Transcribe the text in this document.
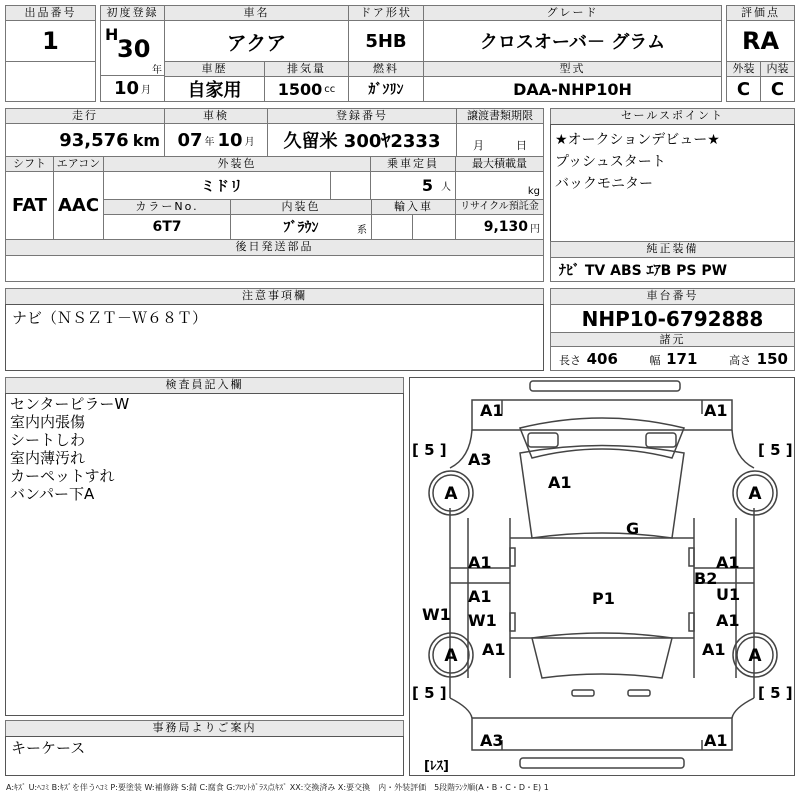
出品番号
1
初度登録
H
30
年
10 月
車名
アクア
ドア形状
5HB
グレード
クロスオーバ－ グラム
評価点
RA
車歴
自家用
排気量
1500 cc
燃料
ｶﾞｿﾘﾝ
型式
DAA-NHP10H
外装
C
内装
C
走行
93,576 km
車検
07 年 10 月
登録番号
久留米 300ﾔ2333
譲渡書類期限
月	日
シフト
FAT
エアコン
AAC
外装色
ミドリ
乗車定員
5 人
最大積載量
kg
カラーNo.
6T7
内装色
ﾌﾞﾗｳﾝ	系
輸入車	リサイクル預託金
9,130 円
後日発送部品
セールスポイント
★オークションデビュー★
プッシュスタート
バックモニター
純正装備
ﾅﾋﾞ TV ABS ｴｱB PS PW
注意事項欄
ナビ（ＮＳＺＴ－Ｗ６８Ｔ）
車台番号
NHP10-6792888
諸元
長さ 406	幅 171	高さ 150
検査員記入欄
センターピラーW
室内内張傷
シートしわ
室内薄汚れ
カーペットすれ
バンパー下A
事務局よりご案内
キーケース
A1	A1
A3
A1
G
A1	A1
B2
A1	U1
W1 W1	A1
P1
A1	A1
A1
A3
A	A
A	A
[ 5 ]	[ 5 ]
[ 5 ]	[ 5 ]
[ﾚｽ]
A:ｷｽﾞ U:ﾍｺﾐ B:ｷｽﾞを伴うﾍｺﾐ P:要塗装 W:補修跡 S:錆 C:腐食 G:ﾌﾛﾝﾄｶﾞﾗｽ点ｷｽﾞ XX:交換済み X:要交換　内・外装評価　5段階ﾗﾝｸ順(A・B・C・D・E) 1
